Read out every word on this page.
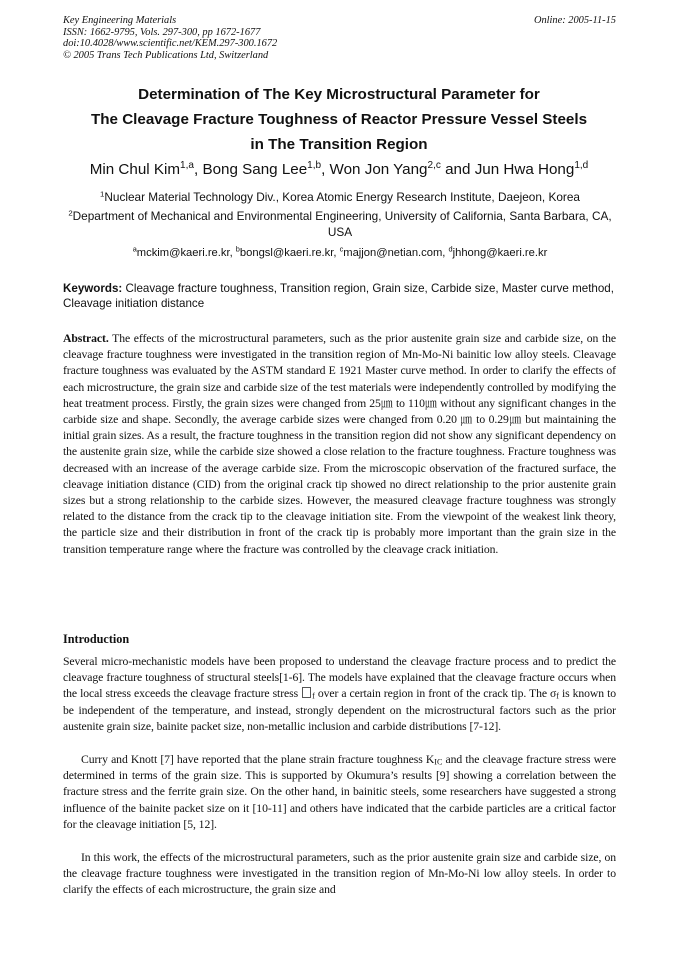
Key Engineering Materials
ISSN: 1662-9795, Vols. 297-300, pp 1672-1677
doi:10.4028/www.scientific.net/KEM.297-300.1672
© 2005 Trans Tech Publications Ltd, Switzerland
Online: 2005-11-15
Determination of The Key Microstructural Parameter for
The Cleavage Fracture Toughness of Reactor Pressure Vessel Steels
in The Transition Region
Min Chul Kim$^{1,a}$, Bong Sang Lee$^{1,b}$, Won Jon Yang$^{2,c}$ and Jun Hwa Hong$^{1,d}$
$^1$Nuclear Material Technology Div., Korea Atomic Energy Research Institute, Daejeon, Korea
$^2$Department of Mechanical and Environmental Engineering, University of California, Santa Barbara, CA, USA
$^a$mckim@kaeri.re.kr, $^b$bongsl@kaeri.re.kr, $^c$majjon@netian.com, $^d$jhhong@kaeri.re.kr
Keywords: Cleavage fracture toughness, Transition region, Grain size, Carbide size, Master curve method, Cleavage initiation distance
Abstract. The effects of the microstructural parameters, such as the prior austenite grain size and carbide size, on the cleavage fracture toughness were investigated in the transition region of Mn-Mo-Ni bainitic low alloy steels. Cleavage fracture toughness was evaluated by the ASTM standard E 1921 Master curve method. In order to clarify the effects of each microstructure, the grain size and carbide size of the test materials were independently controlled by modifying the heat treatment process. Firstly, the grain sizes were changed from 25㎛ to 110㎛ without any significant changes in the carbide size and shape. Secondly, the average carbide sizes were changed from 0.20 ㎛ to 0.29㎛ but maintaining the initial grain sizes. As a result, the fracture toughness in the transition region did not show any significant dependency on the austenite grain size, while the carbide size showed a close relation to the fracture toughness. Fracture toughness was decreased with an increase of the average carbide size. From the microscopic observation of the fractured surface, the cleavage initiation distance (CID) from the original crack tip showed no direct relationship to the prior austenite grain sizes but a strong relationship to the carbide sizes. However, the measured cleavage fracture toughness was strongly related to the distance from the crack tip to the cleavage initiation site. From the viewpoint of the weakest link theory, the particle size and their distribution in front of the crack tip is probably more important than the grain size in the transition temperature range where the fracture was controlled by the cleavage crack initiation.
Introduction
Several micro-mechanistic models have been proposed to understand the cleavage fracture process and to predict the cleavage fracture toughness of structural steels[1-6]. The models have explained that the cleavage fracture occurs when the local stress exceeds the cleavage fracture stress $_f$ over a certain region in front of the crack tip. The $\sigma_f$ is known to be independent of the temperature, and instead, strongly dependent on the microstructural factors such as the prior austenite grain size, bainite packet size, non-metallic inclusion and carbide distributions [7-12].
Curry and Knott [7] have reported that the plane strain fracture toughness $K_{IC}$ and the cleavage fracture stress were determined in terms of the grain size. This is supported by Okumura’s results [9] showing a correlation between the fracture stress and the ferrite grain size. On the other hand, in bainitic steels, some researchers have suggested a strong influence of the bainite packet size on it [10-11] and others have indicated that the carbide particles are a critical factor for the cleavage initiation [5, 12].
In this work, the effects of the microstructural parameters, such as the prior austenite grain size and carbide size, on the cleavage fracture toughness were investigated in the transition region of Mn-Mo-Ni low alloy steels. In order to clarify the effects of each microstructure, the grain size and
